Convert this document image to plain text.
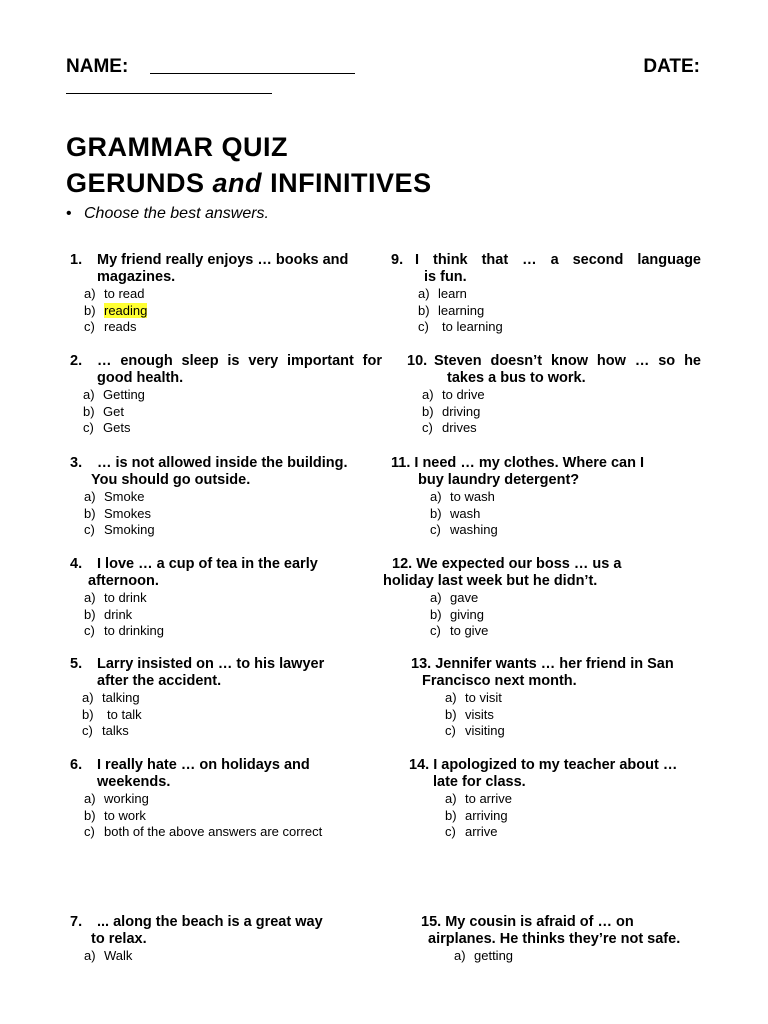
NAME:	DATE:
GRAMMAR QUIZ
GERUNDS and INFINITIVES
• Choose the best answers.
1.	My friend really enjoys … books and
magazines.
a) to read
b) reading
c) reads
2.	… enough sleep is very important for
good health.
a) Getting
b) Get
c) Gets
3.	… is not allowed inside the building.
You should go outside.
a) Smoke
b) Smokes
c) Smoking
4.	I love … a cup of tea in the early
afternoon.
a) to drink
b) drink
c) to drinking
5.	Larry insisted on … to his lawyer
after the accident.
a) talking
b) to talk
c) talks
6.	I really hate … on holidays and
weekends.
a) working
b) to work
c) both of the above answers are correct
7.	... along the beach is a great way
to relax.
a) Walk
9. I think that … a second language
is fun.
a) learn
b) learning
c) to learning
10. Steven doesn’t know how … so he
takes a bus to work.
a) to drive
b) driving
c) drives
11. I need … my clothes. Where can I
buy laundry detergent?
a) to wash
b) wash
c) washing
12. We expected our boss … us a
holiday last week but he didn’t.
a) gave
b) giving
c) to give
13. Jennifer wants … her friend in San
Francisco next month.
a) to visit
b) visits
c) visiting
14. I apologized to my teacher about …
late for class.
a) to arrive
b) arriving
c) arrive
15. My cousin is afraid of … on
airplanes. He thinks they’re not safe.
a) getting
